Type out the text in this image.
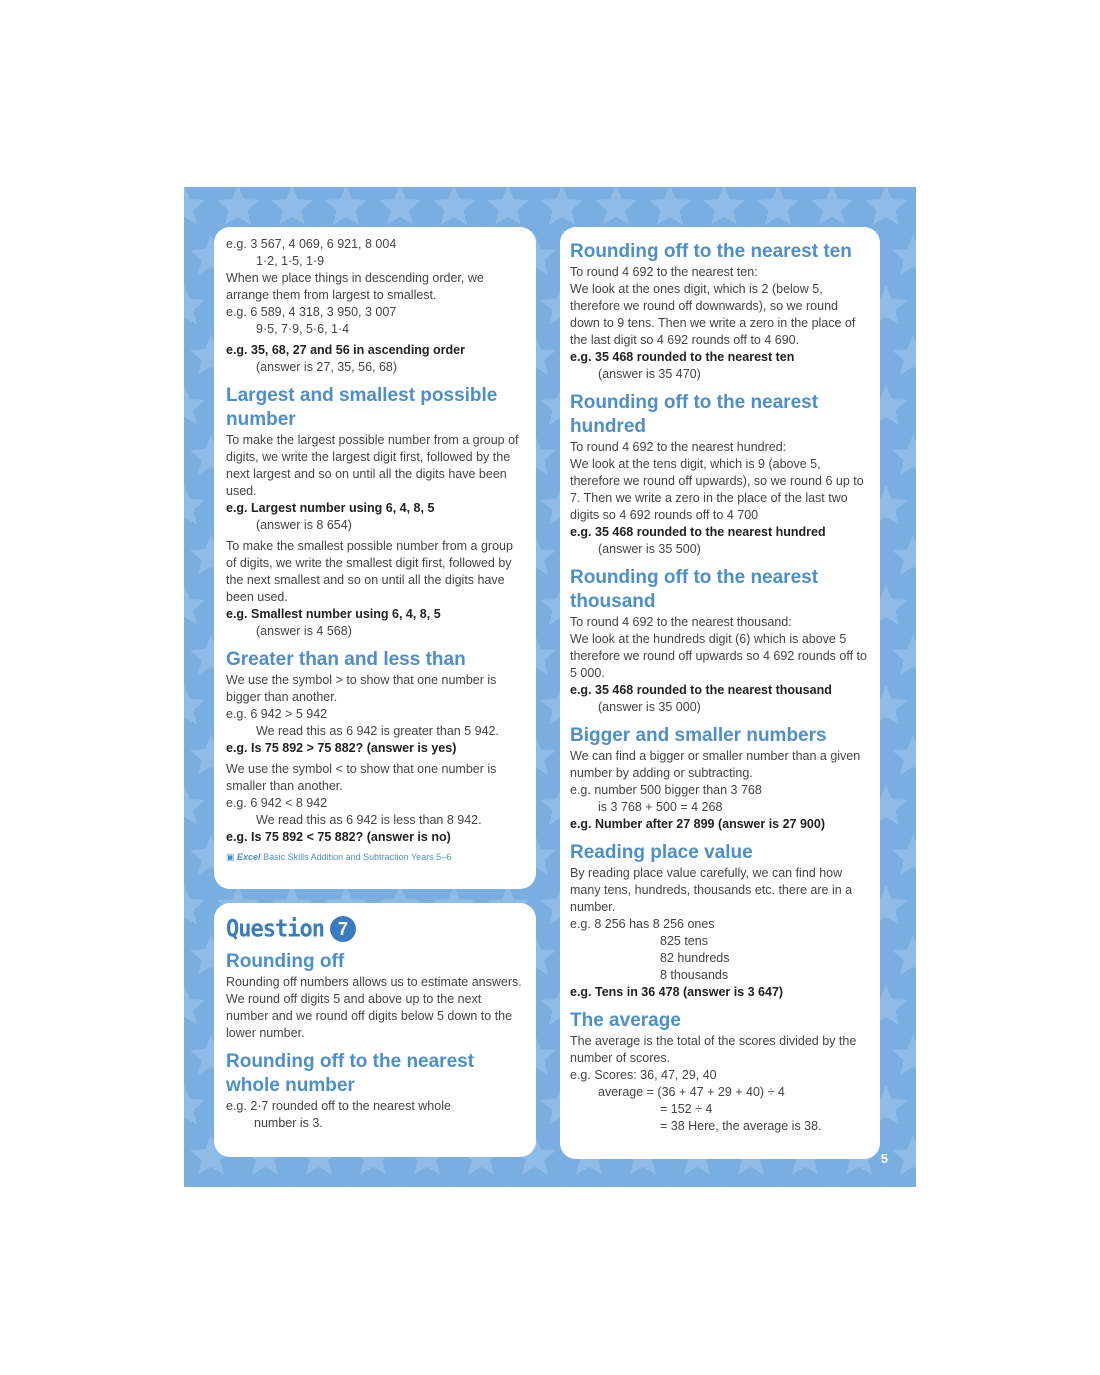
e.g. 3 567, 4 069, 6 921, 8 004

1·2, 1·5, 1·9

When we place things in descending order, we arrange them from largest to smallest.

e.g. 6 589, 4 318, 3 950, 3 007

9·5, 7·9, 5·6, 1·4

e.g. 35, 68, 27 and 56 in ascending order

(answer is 27, 35, 56, 68)

Largest and smallest possible number

To make the largest possible number from a group of digits, we write the largest digit first, followed by the next largest and so on until all the digits have been used.

e.g. Largest number using 6, 4, 8, 5

(answer is 8 654)

To make the smallest possible number from a group of digits, we write the smallest digit first, followed by the next smallest and so on until all the digits have been used.

e.g. Smallest number using 6, 4, 8, 5

(answer is 4 568)

Greater than and less than

We use the symbol > to show that one number is bigger than another.

e.g. 6 942 > 5 942

We read this as 6 942 is greater than 5 942.

e.g. Is 75 892 > 75 882? (answer is yes)

We use the symbol < to show that one number is smaller than another.

e.g. 6 942 < 8 942

We read this as 6 942 is less than 8 942.

e.g. Is 75 892 < 75 882? (answer is no)

▣ Excel Basic Skills Addition and Subtraction Years 5–6
Question 7
Rounding off

Rounding off numbers allows us to estimate answers.

We round off digits 5 and above up to the next number and we round off digits below 5 down to the lower number.

Rounding off to the nearest whole number

e.g. 2·7 rounded off to the nearest whole

number is 3.

Rounding off to the nearest ten

To round 4 692 to the nearest ten:

We look at the ones digit, which is 2 (below 5, therefore we round off downwards), so we round down to 9 tens. Then we write a zero in the place of the last digit so 4 692 rounds off to 4 690.

e.g. 35 468 rounded to the nearest ten

(answer is 35 470)

Rounding off to the nearest hundred

To round 4 692 to the nearest hundred:

We look at the tens digit, which is 9 (above 5, therefore we round off upwards), so we round 6 up to 7. Then we write a zero in the place of the last two digits so 4 692 rounds off to 4 700

e.g. 35 468 rounded to the nearest hundred

(answer is 35 500)

Rounding off to the nearest thousand

To round 4 692 to the nearest thousand:

We look at the hundreds digit (6) which is above 5 therefore we round off upwards so 4 692 rounds off to 5 000.

e.g. 35 468 rounded to the nearest thousand

(answer is 35 000)

Bigger and smaller numbers

We can find a bigger or smaller number than a given number by adding or subtracting.

e.g. number 500 bigger than 3 768

is 3 768 + 500 = 4 268

e.g. Number after 27 899 (answer is 27 900)

Reading place value

By reading place value carefully, we can find how many tens, hundreds, thousands etc. there are in a number.

e.g. 8 256 has 8 256 ones

825 tens

82 hundreds

8 thousands

e.g. Tens in 36 478 (answer is 3 647)

The average

The average is the total of the scores divided by the number of scores.

e.g. Scores: 36, 47, 29, 40

average = (36 + 47 + 29 + 40) ÷ 4

= 152 ÷ 4

= 38 Here, the average is 38.

5
